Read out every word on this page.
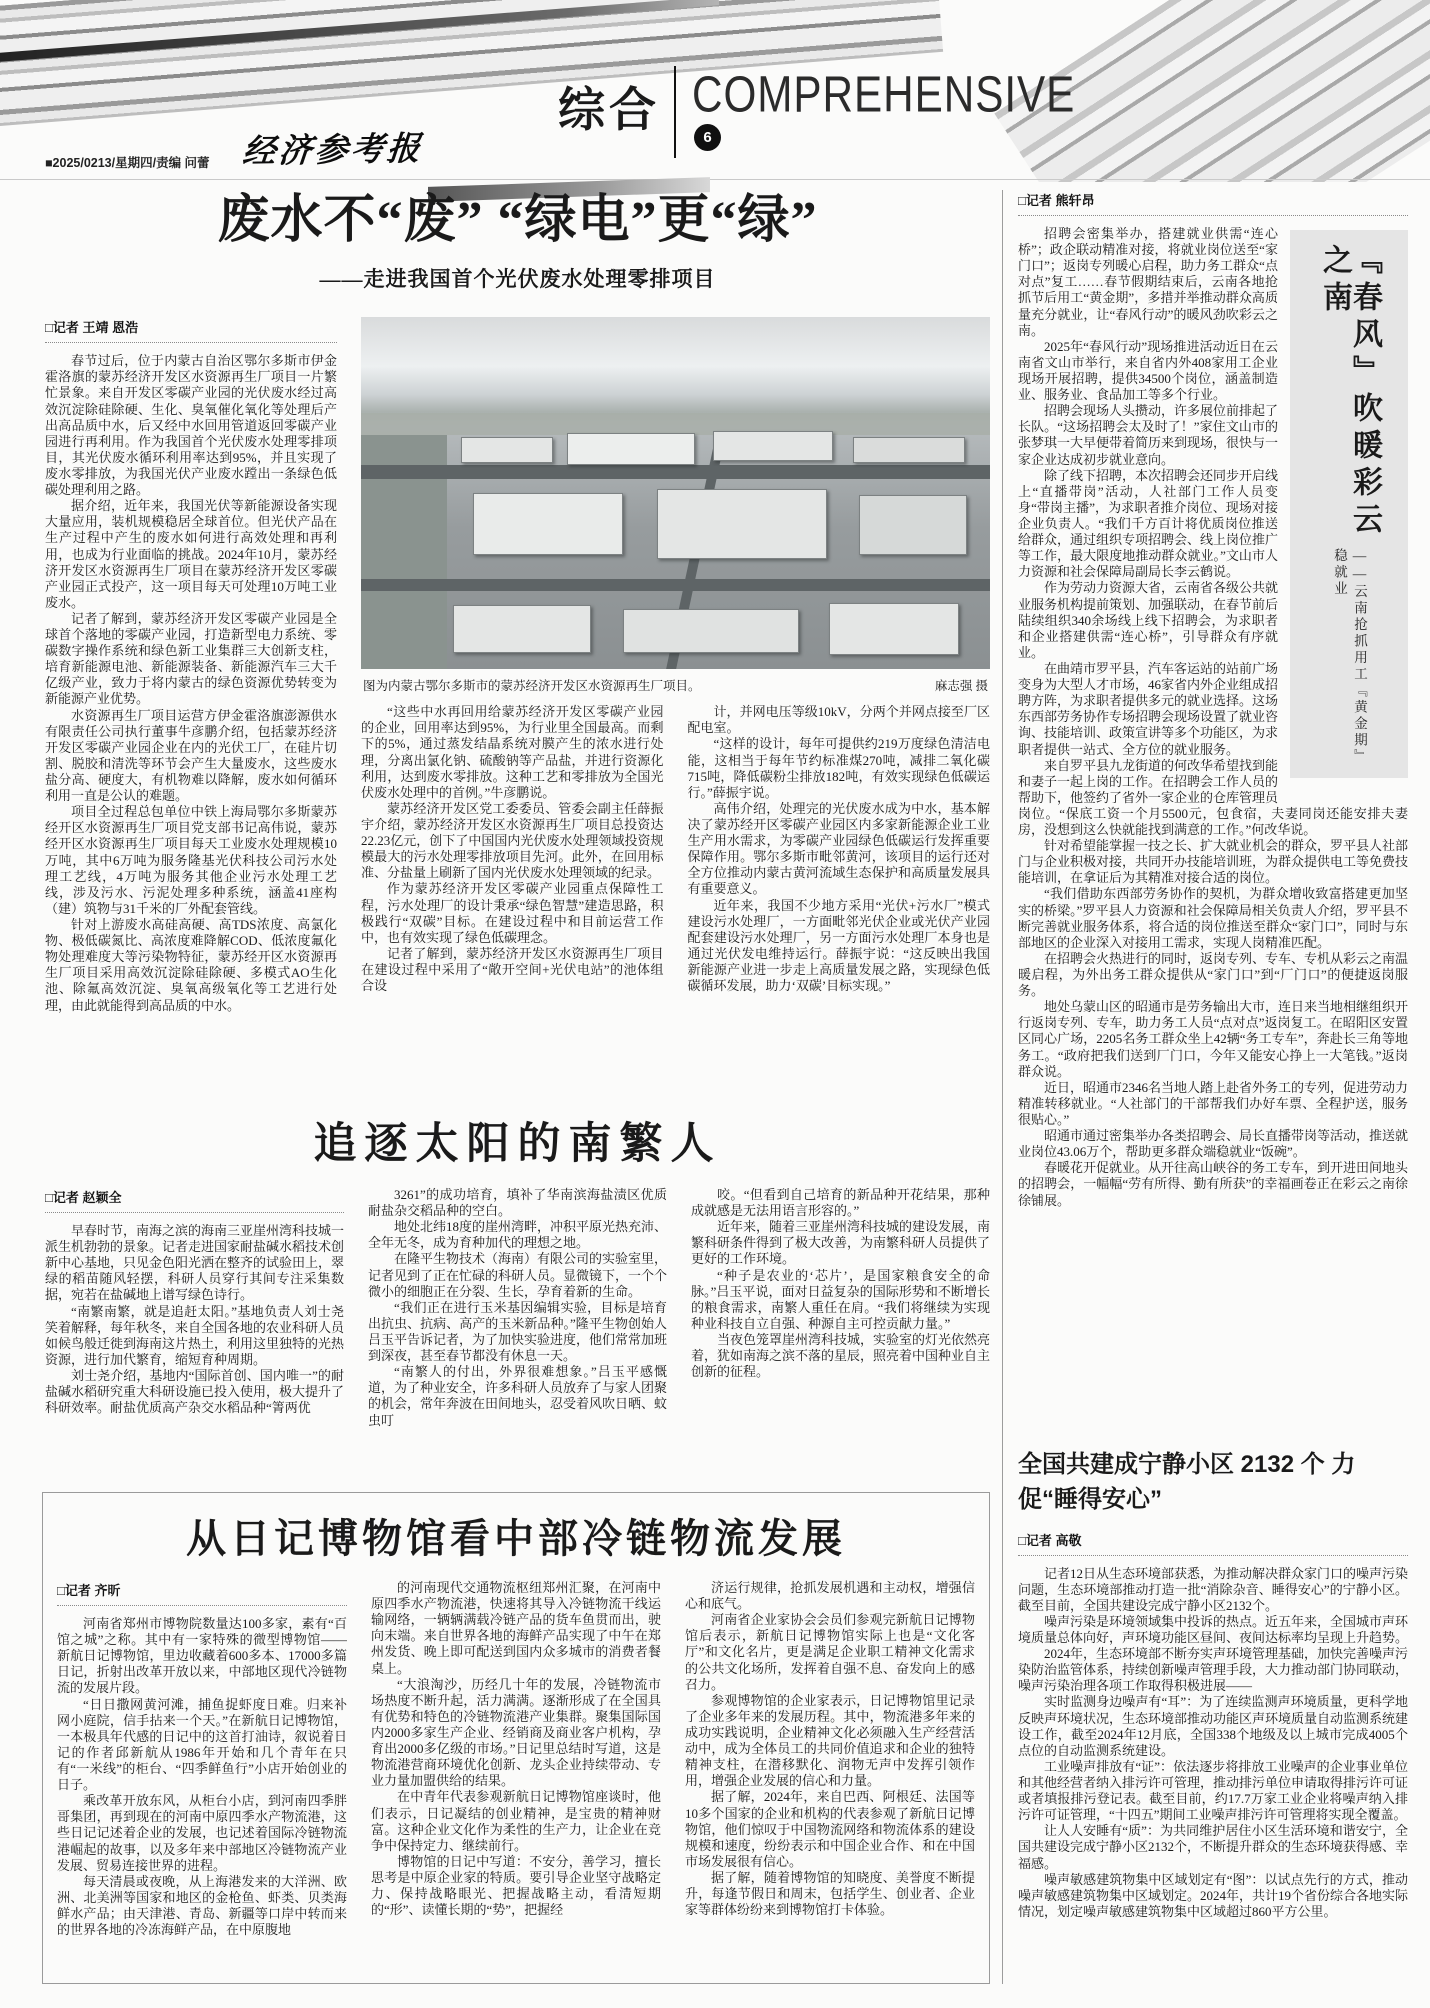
综合 COMPREHENSIVE
6
■2025/0213/星期四/责编 问蕾 经济参考报
废水不“废” “绿电”更“绿”
——走进我国首个光伏废水处理零排项目
□记者 王靖 恩浩

春节过后，位于内蒙古自治区鄂尔多斯市伊金霍洛旗的蒙苏经济开发区水资源再生厂项目一片繁忙景象。来自开发区零碳产业园的光伏废水经过高效沉淀除硅除硬、生化、臭氧催化氧化等处理后产出高品质中水，后又经中水回用管道返回零碳产业园进行再利用。作为我国首个光伏废水处理零排项目，其光伏废水循环利用率达到95%，并且实现了废水零排放，为我国光伏产业废水蹚出一条绿色低碳处理利用之路。

据介绍，近年来，我国光伏等新能源设备实现大量应用，装机规模稳居全球首位。但光伏产品在生产过程中产生的废水如何进行高效处理和再利用，也成为行业面临的挑战。2024年10月，蒙苏经济开发区水资源再生厂项目在蒙苏经济开发区零碳产业园正式投产，这一项目每天可处理10万吨工业废水。

记者了解到，蒙苏经济开发区零碳产业园是全球首个落地的零碳产业园，打造新型电力系统、零碳数字操作系统和绿色新工业集群三大创新支柱，培育新能源电池、新能源装备、新能源汽车三大千亿级产业，致力于将内蒙古的绿色资源优势转变为新能源产业优势。

水资源再生厂项目运营方伊金霍洛旗澎源供水有限责任公司执行董事牛彦鹏介绍，包括蒙苏经济开发区零碳产业园企业在内的光伏工厂，在硅片切割、脱胶和清洗等环节会产生大量废水，这些废水盐分高、硬度大，有机物难以降解，废水如何循环利用一直是公认的难题。

项目全过程总包单位中铁上海局鄂尔多斯蒙苏经开区水资源再生厂项目党支部书记高伟说，蒙苏经开区水资源再生厂项目每天工业废水处理规模10万吨，其中6万吨为服务隆基光伏科技公司污水处理工艺线，4万吨为服务其他企业污水处理工艺线，涉及污水、污泥处理多种系统，涵盖41座构（建）筑物与31千米的厂外配套管线。

针对上游废水高硅高硬、高TDS浓度、高氯化物、极低碳氮比、高浓度难降解COD、低浓度氟化物处理难度大等污染物特征，蒙苏经开区水资源再生厂项目采用高效沉淀除硅除硬、多模式AO生化池、除氟高效沉淀、臭氧高级氧化等工艺进行处理，由此就能得到高品质的中水。

图为内蒙古鄂尔多斯市的蒙苏经济开发区水资源再生厂项目。	麻志强 摄

“这些中水再回用给蒙苏经济开发区零碳产业园的企业，回用率达到95%，为行业里全国最高。而剩下的5%，通过蒸发结晶系统对膜产生的浓水进行处理，分离出氯化钠、硫酸钠等产品盐，并进行资源化利用，达到废水零排放。这种工艺和零排放为全国光伏废水处理中的首例。”牛彦鹏说。

蒙苏经济开发区党工委委员、管委会副主任薛振宇介绍，蒙苏经济开发区水资源再生厂项目总投资达22.23亿元，创下了中国国内光伏废水处理领域投资规模最大的污水处理零排放项目先河。此外，在回用标准、分盐量上刷新了国内光伏废水处理领域的纪录。

作为蒙苏经济开发区零碳产业园重点保障性工程，污水处理厂的设计秉承“绿色智慧”建造思路，积极践行“双碳”目标。在建设过程中和目前运营工作中，也有效实现了绿色低碳理念。

记者了解到，蒙苏经济开发区水资源再生厂项目在建设过程中采用了“敞开空间+光伏电站”的池体组合设

计，并网电压等级10kV，分两个并网点接至厂区配电室。

“这样的设计，每年可提供约219万度绿色清洁电能，这相当于每年节约标准煤270吨，减排二氧化碳715吨，降低碳粉尘排放182吨，有效实现绿色低碳运行。”薛振宇说。

高伟介绍，处理完的光伏废水成为中水，基本解决了蒙苏经开区零碳产业园区内多家新能源企业工业生产用水需求，为零碳产业园绿色低碳运行发挥重要保障作用。鄂尔多斯市毗邻黄河，该项目的运行还对全方位推动内蒙古黄河流域生态保护和高质量发展具有重要意义。

近年来，我国不少地方采用“光伏+污水厂”模式建设污水处理厂，一方面毗邻光伏企业或光伏产业园配套建设污水处理厂，另一方面污水处理厂本身也是通过光伏发电维持运行。薛振宇说：“这反映出我国新能源产业进一步走上高质量发展之路，实现绿色低碳循环发展，助力‘双碳’目标实现。”

追逐太阳的南繁人
□记者 赵颖全

早春时节，南海之滨的海南三亚崖州湾科技城一派生机勃勃的景象。记者走进国家耐盐碱水稻技术创新中心基地，只见金色阳光洒在整齐的试验田上，翠绿的稻苗随风轻摆，科研人员穿行其间专注采集数据，宛若在盐碱地上谱写绿色诗行。

“南繁南繁，就是追赶太阳。”基地负责人刘士尧笑着解释，每年秋冬，来自全国各地的农业科研人员如候鸟般迁徙到海南这片热土，利用这里独特的光热资源，进行加代繁育，缩短育种周期。

刘士尧介绍，基地内“国际首创、国内唯一”的耐盐碱水稻研究重大科研设施已投入使用，极大提升了科研效率。耐盐优质高产杂交水稻品种“箐两优

3261”的成功培育，填补了华南滨海盐渍区优质耐盐杂交稻品种的空白。

地处北纬18度的崖州湾畔，冲积平原光热充沛、全年无冬，成为育种加代的理想之地。

在隆平生物技术（海南）有限公司的实验室里，记者见到了正在忙碌的科研人员。显微镜下，一个个微小的细胞正在分裂、生长，孕育着新的生命。

“我们正在进行玉米基因编辑实验，目标是培育出抗虫、抗病、高产的玉米新品种。”隆平生物创始人吕玉平告诉记者，为了加快实验进度，他们常常加班到深夜，甚至春节都没有休息一天。

“南繁人的付出，外界很难想象。”吕玉平感慨道，为了种业安全，许多科研人员放弃了与家人团聚的机会，常年奔波在田间地头，忍受着风吹日晒、蚊虫叮

咬。“但看到自己培育的新品种开花结果，那种成就感是无法用语言形容的。”

近年来，随着三亚崖州湾科技城的建设发展，南繁科研条件得到了极大改善，为南繁科研人员提供了更好的工作环境。

“种子是农业的‘芯片’，是国家粮食安全的命脉。”吕玉平说，面对日益复杂的国际形势和不断增长的粮食需求，南繁人重任在肩。“我们将继续为实现种业科技自立自强、种源自主可控贡献力量。”

当夜色笼罩崖州湾科技城，实验室的灯光依然亮着，犹如南海之滨不落的星辰，照亮着中国种业自主创新的征程。

从日记博物馆看中部冷链物流发展
□记者 齐昕

河南省郑州市博物院数量达100多家，素有“百馆之城”之称。其中有一家特殊的微型博物馆——新航日记博物馆，里边收藏着600多本、17000多篇日记，折射出改革开放以来，中部地区现代冷链物流的发展片段。

“日日撒网黄河滩，捕鱼捉虾度日难。归来补网小庭院，信手拈来一个天。”在新航日记博物馆，一本极具年代感的日记中的这首打油诗，叙说着日记的作者邱新航从1986年开始和几个青年在只有“一米线”的柜台、“四季鲜鱼行”小店开始创业的日子。

乘改革开放东风，从柜台小店，到河南四季胖哥集团，再到现在的河南中原四季水产物流港，这些日记记述着企业的发展，也记述着国际冷链物流港崛起的故事，以及多年来中部地区冷链物流产业发展、贸易连接世界的进程。

每天清晨或夜晚，从上海港发来的大洋洲、欧洲、北美洲等国家和地区的金枪鱼、虾类、贝类海鲜水产品；由天津港、青岛、新疆等口岸中转而来的世界各地的冷冻海鲜产品，在中原腹地

的河南现代交通物流枢纽郑州汇聚，在河南中原四季水产物流港，快速将其导入冷链物流干线运输网络，一辆辆满载冷链产品的货车鱼贯而出，驶向末端。来自世界各地的海鲜产品实现了中午在郑州发货、晚上即可配送到国内众多城市的消费者餐桌上。

“大浪淘沙，历经几十年的发展，冷链物流市场热度不断升起，活力满满。逐渐形成了在全国具有优势和特色的冷链物流港产业集群。聚集国际国内2000多家生产企业、经销商及商业客户机构，孕育出2000多亿级的市场。”日记里总结时写道，这是物流港营商环境优化创新、龙头企业持续带动、专业力量加盟供给的结果。

在中青年代表参观新航日记博物馆座谈时，他们表示，日记凝结的创业精神，是宝贵的精神财富。这种企业文化作为柔性的生产力，让企业在竞争中保持定力、继续前行。

博物馆的日记中写道：不安分，善学习，擅长思考是中原企业家的特质。要引导企业坚守战略定力、保持战略眼光、把握战略主动，看清短期的“形”、读懂长期的“势”，把握经

济运行规律，抢抓发展机遇和主动权，增强信心和底气。

河南省企业家协会会员们参观完新航日记博物馆后表示，新航日记博物馆实际上也是“文化客厅”和文化名片，更是满足企业职工精神文化需求的公共文化场所，发挥着自强不息、奋发向上的感召力。

参观博物馆的企业家表示，日记博物馆里记录了企业多年来的发展历程。其中，物流港多年来的成功实践说明，企业精神文化必须融入生产经营活动中，成为全体员工的共同价值追求和企业的独特精神支柱，在潜移默化、润物无声中发挥引领作用，增强企业发展的信心和力量。

据了解，2024年，来自巴西、阿根廷、法国等10多个国家的企业和机构的代表参观了新航日记博物馆，他们惊叹于中国物流网络和物流体系的建设规模和速度，纷纷表示和中国企业合作、和在中国市场发展很有信心。

据了解，随着博物馆的知晓度、美誉度不断提升，每逢节假日和周末，包括学生、创业者、企业家等群体纷纷来到博物馆打卡体验。

□记者 熊轩昂
『春风』吹暖彩云之南
——云南抢抓用工『黄金期』稳就业

招聘会密集举办，搭建就业供需“连心桥”；政企联动精准对接，将就业岗位送至“家门口”；返岗专列暖心启程，助力务工群众“点对点”复工……春节假期结束后，云南各地抢抓节后用工“黄金期”，多措并举推动群众高质量充分就业，让“春风行动”的暖风劲吹彩云之南。

2025年“春风行动”现场推进活动近日在云南省文山市举行，来自省内外408家用工企业现场开展招聘，提供34500个岗位，涵盖制造业、服务业、食品加工等多个行业。

招聘会现场人头攒动，许多展位前排起了长队。“这场招聘会太及时了！”家住文山市的张梦琪一大早便带着简历来到现场，很快与一家企业达成初步就业意向。

除了线下招聘，本次招聘会还同步开启线上“直播带岗”活动，人社部门工作人员变身“带岗主播”，为求职者推介岗位、现场对接企业负责人。“我们千方百计将优质岗位推送给群众，通过组织专项招聘会、线上岗位推广等工作，最大限度地推动群众就业。”文山市人力资源和社会保障局副局长李云鹤说。

作为劳动力资源大省，云南省各级公共就业服务机构提前策划、加强联动，在春节前后陆续组织340余场线上线下招聘会，为求职者和企业搭建供需“连心桥”，引导群众有序就业。

在曲靖市罗平县，汽车客运站的站前广场变身为大型人才市场，46家省内外企业组成招聘方阵，为求职者提供多元的就业选择。这场东西部劳务协作专场招聘会现场设置了就业咨询、技能培训、政策宣讲等多个功能区，为求职者提供一站式、全方位的就业服务。

来自罗平县九龙街道的何改华希望找到能和妻子一起上岗的工作。在招聘会工作人员的帮助下，他签约了省外一家企业的仓库管理员岗位。“保底工资一个月5500元，包食宿，夫妻同岗还能安排夫妻房，没想到这么快就能找到满意的工作。”何改华说。

针对希望能掌握一技之长、扩大就业机会的群众，罗平县人社部门与企业积极对接，共同开办技能培训班，为群众提供电工等免费技能培训，在拿证后为其精准对接合适的岗位。

“我们借助东西部劳务协作的契机，为群众增收致富搭建更加坚实的桥梁。”罗平县人力资源和社会保障局相关负责人介绍，罗平县不断完善就业服务体系，将合适的岗位推送至群众“家门口”，同时与东部地区的企业深入对接用工需求，实现人岗精准匹配。

在招聘会火热进行的同时，返岗专列、专车、专机从彩云之南温暖启程，为外出务工群众提供从“家门口”到“厂门口”的便捷返岗服务。

地处乌蒙山区的昭通市是劳务输出大市，连日来当地相继组织开行返岗专列、专车，助力务工人员“点对点”返岗复工。在昭阳区安置区同心广场，2205名务工群众坐上42辆“务工专车”，奔赴长三角等地务工。“政府把我们送到厂门口，今年又能安心挣上一大笔钱。”返岗群众说。

近日，昭通市2346名当地人踏上赴省外务工的专列，促进劳动力精准转移就业。“人社部门的干部帮我们办好车票、全程护送，服务很贴心。”

昭通市通过密集举办各类招聘会、局长直播带岗等活动，推送就业岗位43.06万个，帮助更多群众端稳就业“饭碗”。

春暖花开促就业。从开往高山峡谷的务工专车，到开进田间地头的招聘会，一幅幅“劳有所得、勤有所获”的幸福画卷正在彩云之南徐徐铺展。

全国共建成宁静小区 2132 个 力促“睡得安心”
□记者 高敬

记者12日从生态环境部获悉，为推动解决群众家门口的噪声污染问题，生态环境部推动打造一批“消除杂音、睡得安心”的宁静小区。截至目前，全国共建设完成宁静小区2132个。

噪声污染是环境领域集中投诉的热点。近五年来，全国城市声环境质量总体向好，声环境功能区昼间、夜间达标率均呈现上升趋势。

2024年，生态环境部不断夯实声环境管理基础，加快完善噪声污染防治监管体系，持续创新噪声管理手段，大力推动部门协同联动，噪声污染治理各项工作取得积极进展——

实时监测身边噪声有“耳”：为了连续监测声环境质量，更科学地反映声环境状况，生态环境部推动功能区声环境质量自动监测系统建设工作，截至2024年12月底，全国338个地级及以上城市完成4005个点位的自动监测系统建设。

工业噪声排放有“证”：依法逐步将排放工业噪声的企业事业单位和其他经营者纳入排污许可管理，推动排污单位申请取得排污许可证或者填报排污登记表。截至目前，约17.7万家工业企业将噪声纳入排污许可证管理，“十四五”期间工业噪声排污许可管理将实现全覆盖。

让人人安睡有“质”：为共同维护居住小区生活环境和谐安宁，全国共建设完成宁静小区2132个，不断提升群众的生态环境获得感、幸福感。

噪声敏感建筑物集中区域划定有“图”：以试点先行的方式，推动噪声敏感建筑物集中区域划定。2024年，共计19个省份综合各地实际情况，划定噪声敏感建筑物集中区域超过860平方公里。
